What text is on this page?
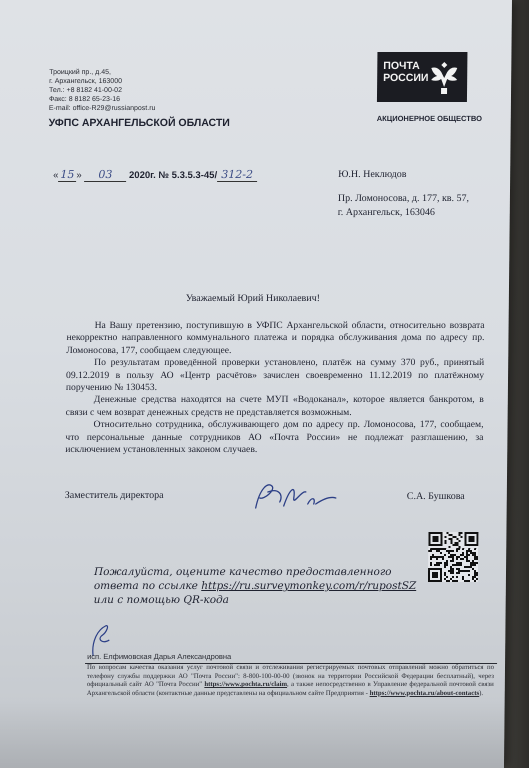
Троицкий пр., д.45,
г. Архангельск, 163000
Тел.: +8 8182 41-00-02
Факс: 8 8182 65-23-16
E-mail: office-R29@russianpost.ru
УФПС АРХАНГЕЛЬСКОЙ ОБЛАСТИ
ПОЧТА
РОССИИ
АКЦИОНЕРНОЕ ОБЩЕСТВО
« 15 » 03 2020г. № 5.3.5.3-45/ 312-2	Ю.Н. Неклюдов
Пр. Ломоносова, д. 177, кв. 57,
г. Архангельск, 163046
Уважаемый Юрий Николаевич!

На Вашу претензию, поступившую в УФПС Архангельской области, относительно возврата некорректно направленного коммунального платежа и порядка обслуживания дома по адресу пр. Ломоносова, 177, сообщаем следующее.

По результатам проведённой проверки установлено, платёж на сумму 370 руб., принятый 09.12.2019 в пользу АО «Центр расчётов» зачислен своевременно 11.12.2019 по платёжному поручению № 130453.

Денежные средства находятся на счете МУП «Водоканал», которое является банкротом, в связи с чем возврат денежных средств не представляется возможным.

Относительно сотрудника, обслуживающего дом по адресу пр. Ломоносова, 177, сообщаем, что персональные данные сотрудников АО «Почта России» не подлежат разглашению, за исключением установленных законом случаев.

Заместитель директора	С.А. Бушкова
Пожалуйста, оцените качество предоставленного ответа по ссылке https://ru.surveymonkey.com/r/rupostSZ или с помощью QR-кода
исп. Елфимовская Дарья Александровна
По вопросам качества оказания услуг почтовой связи и отслеживания регистрируемых почтовых отправлений можно обратиться по телефону службы поддержки АО "Почта России": 8-800-100-00-00 (звонок на территории Российской Федерации бесплатный), через официальный сайт АО "Почта России" https://www.pochta.ru/claim, а также непосредственно в Управление федеральной почтовой связи Архангельской области (контактные данные представлены на официальном сайте Предприятия - https://www.pochta.ru/about-contacts).
